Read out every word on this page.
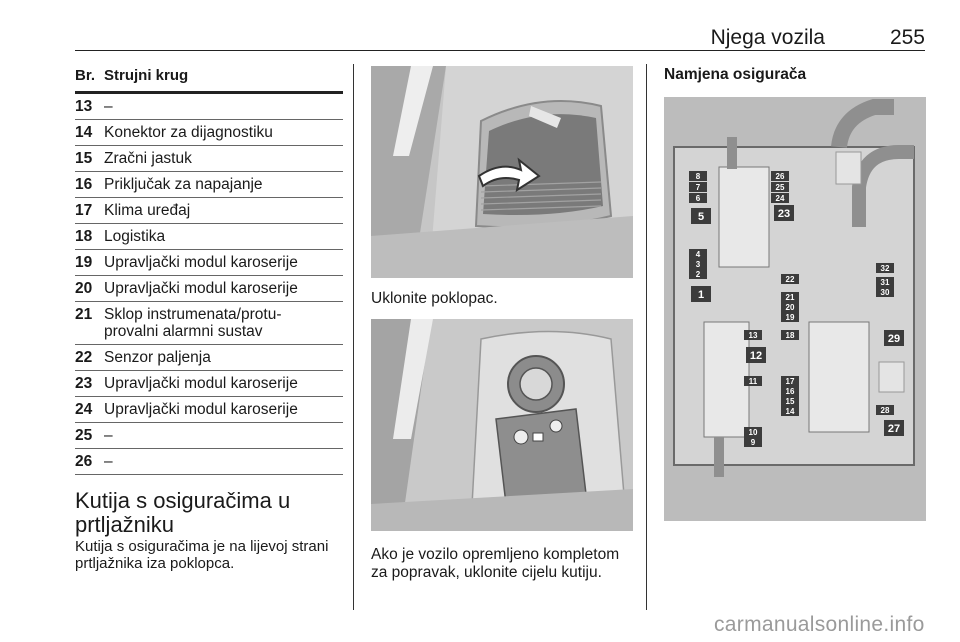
Njega vozila	255
Br. Strujni krug
13 –
14 Konektor za dijagnostiku
15 Zračni jastuk
16 Priključak za napajanje
17 Klima uređaj
18 Logistika
19 Upravljački modul karoserije
20 Upravljački modul karoserije
21 Sklop instrumenata/protu-
provalni alarmni sustav
22 Senzor paljenja
23 Upravljački modul karoserije
24 Upravljački modul karoserije
25 –
26 –
Kutija s osiguračima u
prtljažniku
Kutija s osiguračima je na lijevoj strani prtljažnika iza poklopca.
Uklonite poklopac.
Ako je vozilo opremljeno kompletom za popravak, uklonite cijelu kutiju.
Namjena osigurača
1
2
3
4
5
6
7
8
9
10
11
12
13
14
15
16
17
18
19
20
21
22
23
24
25
26
27
28
29
30
31
32
carmanualsonline.info
